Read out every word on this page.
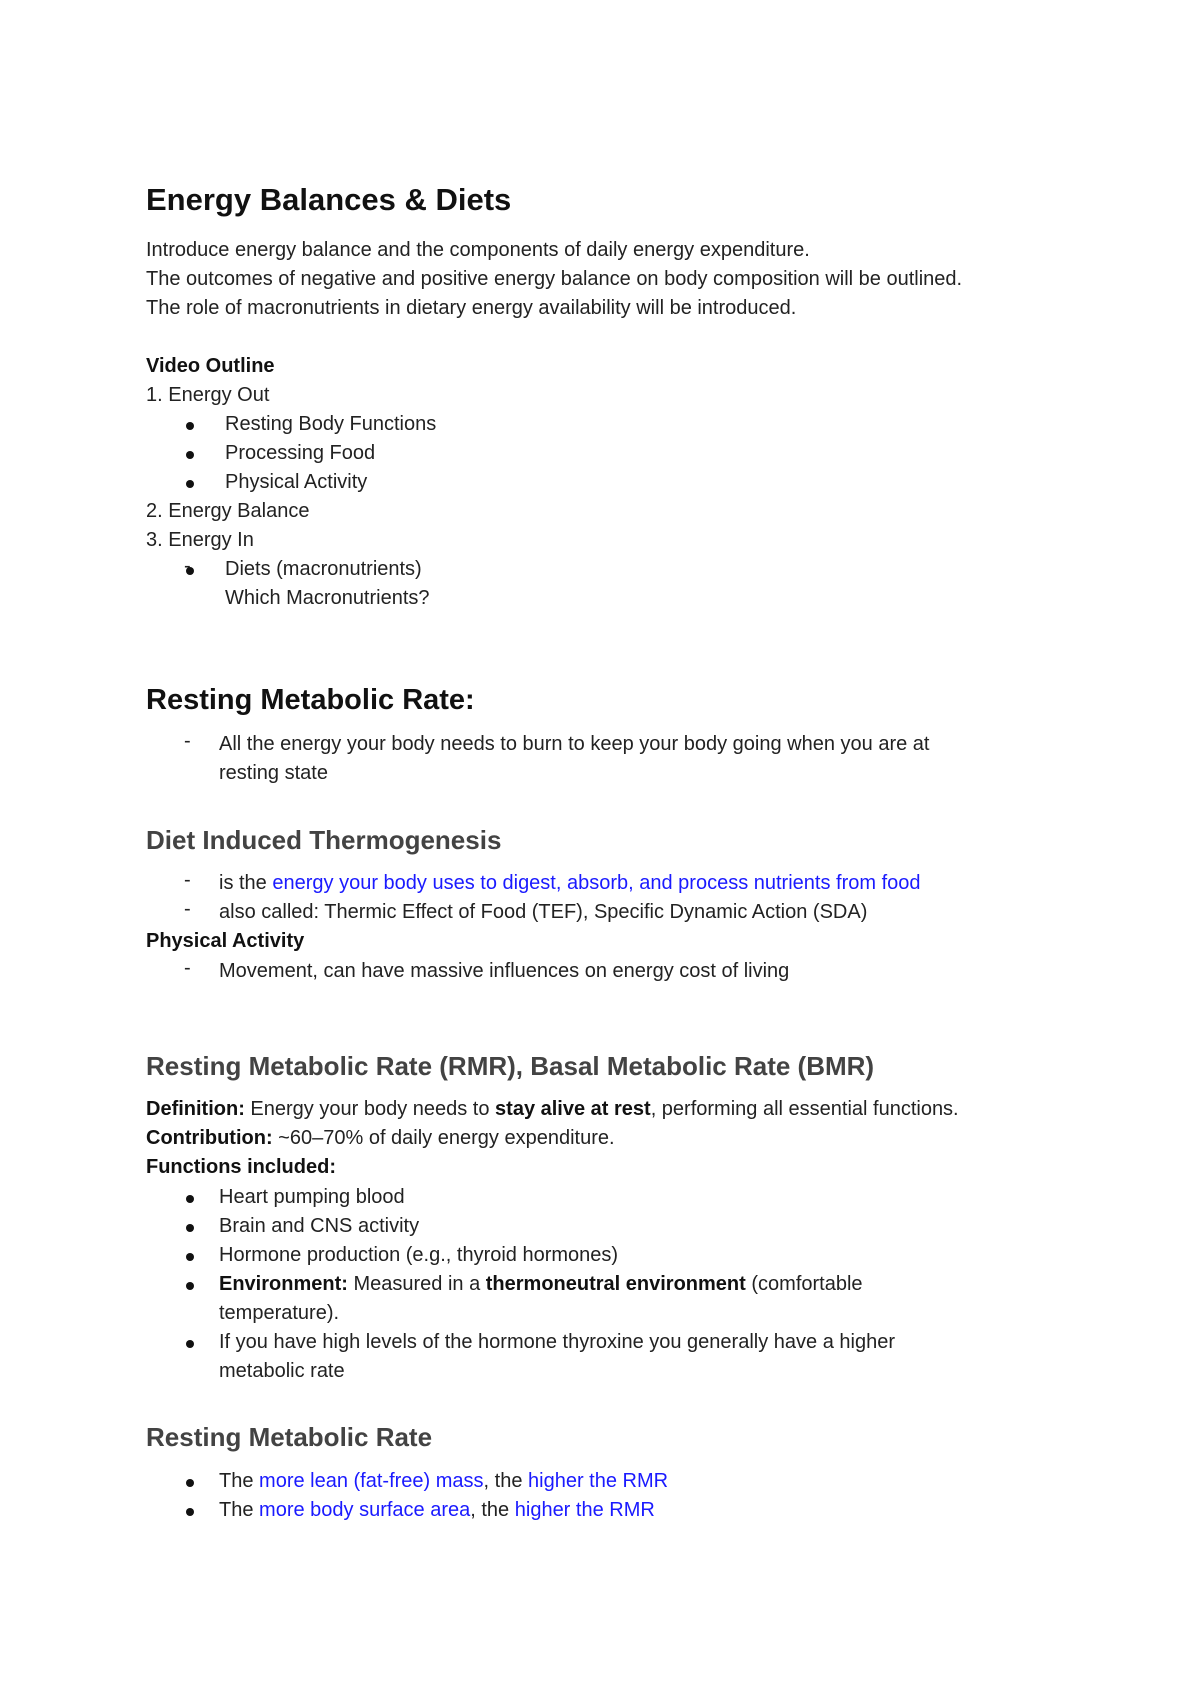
Energy Balances & Diets
Introduce energy balance and the components of daily energy expenditure.
The outcomes of negative and positive energy balance on body composition will be outlined.
The role of macronutrients in dietary energy availability will be introduced.
Video Outline
1. Energy Out
Resting Body Functions
Processing Food
Physical Activity
2. Energy Balance
3. Energy In
Diets (macronutrients)
-
Which Macronutrients?
Resting Metabolic Rate:
- All the energy your body needs to burn to keep your body going when you are at
resting state
Diet Induced Thermogenesis
- is the energy your body uses to digest, absorb, and process nutrients from food
- also called: Thermic Effect of Food (TEF), Specific Dynamic Action (SDA)
Physical Activity
- Movement, can have massive influences on energy cost of living
Resting Metabolic Rate (RMR), Basal Metabolic Rate (BMR)
Definition: Energy your body needs to stay alive at rest, performing all essential functions.
Contribution: ~60–70% of daily energy expenditure.
Functions included:
Heart pumping blood
Brain and CNS activity
Hormone production (e.g., thyroid hormones)
Environment: Measured in a thermoneutral environment (comfortable
temperature).
If you have high levels of the hormone thyroxine you generally have a higher
metabolic rate
Resting Metabolic Rate
The more lean (fat-free) mass, the higher the RMR
The more body surface area, the higher the RMR
